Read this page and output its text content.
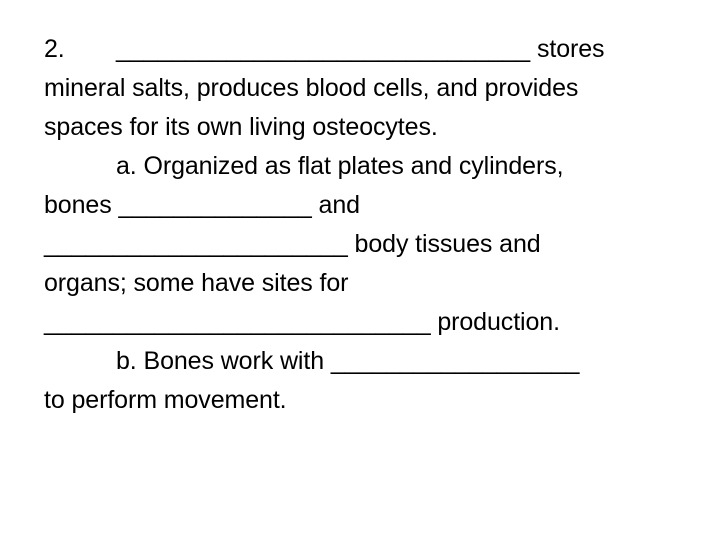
2. ______________________________ stores
mineral salts, produces blood cells, and provides
spaces for its own living osteocytes.
a. Organized as flat plates and cylinders,
bones ______________ and
______________________ body tissues and
organs; some have sites for
____________________________ production.
b. Bones work with __________________
to perform movement.
